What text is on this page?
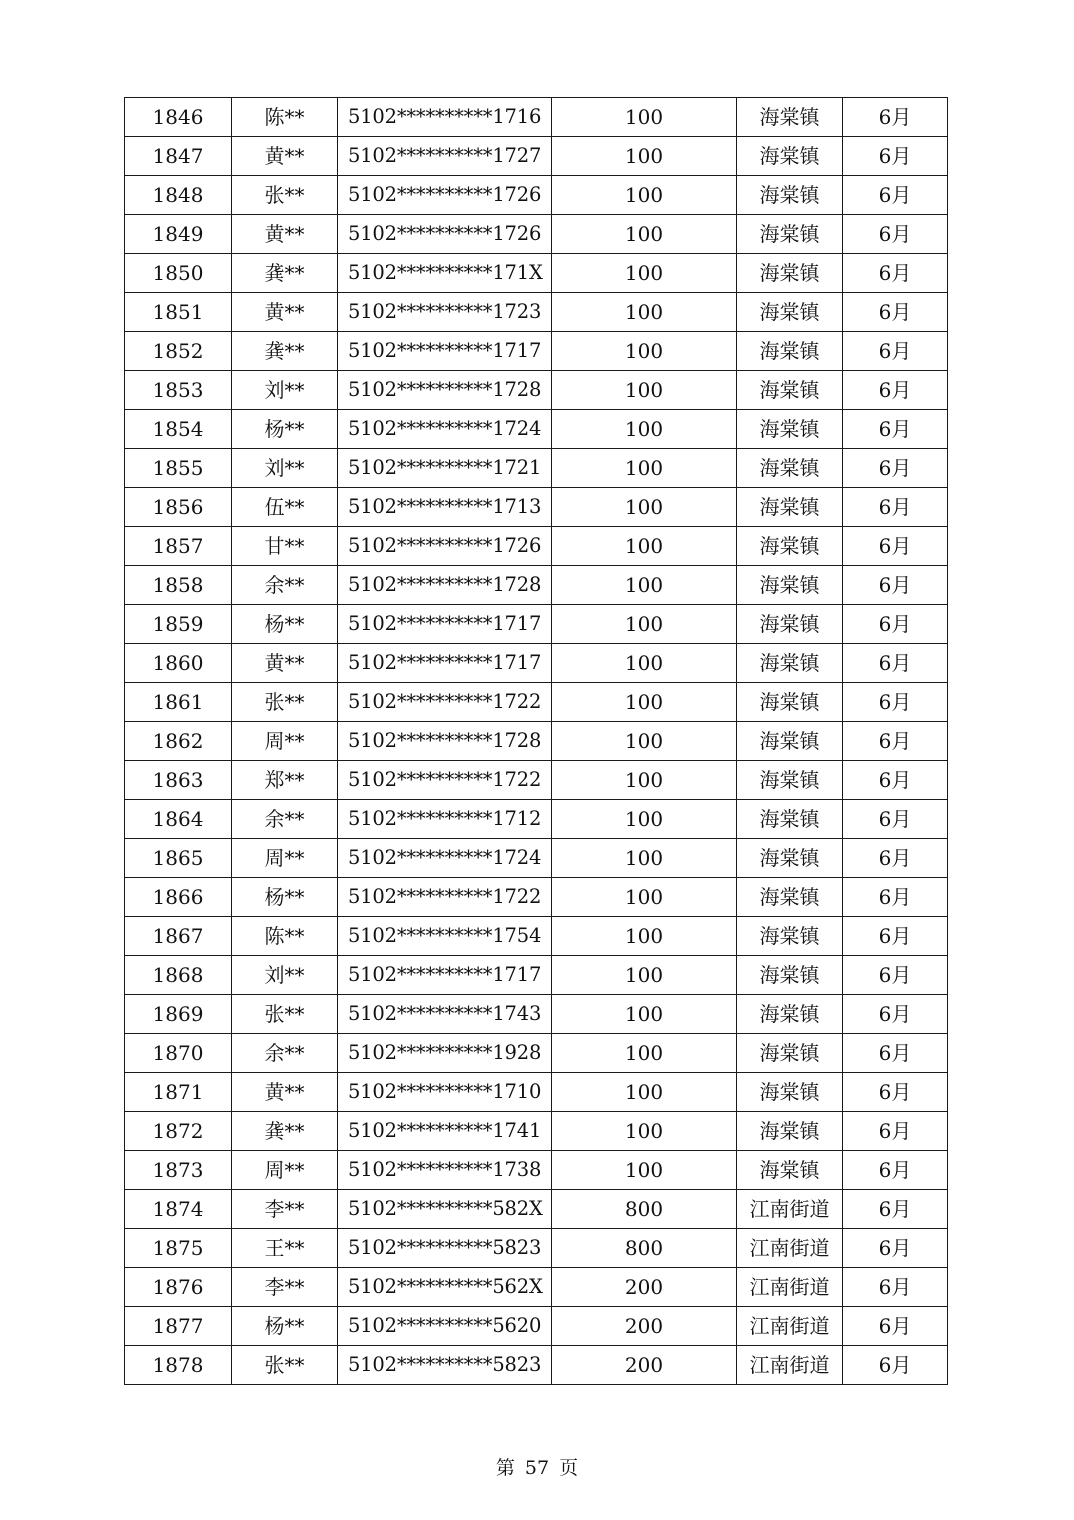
1846	陈**	5102**********1716	100	海棠镇	6月
1847	黄**	5102**********1727	100	海棠镇	6月
1848	张**	5102**********1726	100	海棠镇	6月
1849	黄**	5102**********1726	100	海棠镇	6月
1850	龚**	5102**********171X	100	海棠镇	6月
1851	黄**	5102**********1723	100	海棠镇	6月
1852	龚**	5102**********1717	100	海棠镇	6月
1853	刘**	5102**********1728	100	海棠镇	6月
1854	杨**	5102**********1724	100	海棠镇	6月
1855	刘**	5102**********1721	100	海棠镇	6月
1856	伍**	5102**********1713	100	海棠镇	6月
1857	甘**	5102**********1726	100	海棠镇	6月
1858	余**	5102**********1728	100	海棠镇	6月
1859	杨**	5102**********1717	100	海棠镇	6月
1860	黄**	5102**********1717	100	海棠镇	6月
1861	张**	5102**********1722	100	海棠镇	6月
1862	周**	5102**********1728	100	海棠镇	6月
1863	郑**	5102**********1722	100	海棠镇	6月
1864	余**	5102**********1712	100	海棠镇	6月
1865	周**	5102**********1724	100	海棠镇	6月
1866	杨**	5102**********1722	100	海棠镇	6月
1867	陈**	5102**********1754	100	海棠镇	6月
1868	刘**	5102**********1717	100	海棠镇	6月
1869	张**	5102**********1743	100	海棠镇	6月
1870	余**	5102**********1928	100	海棠镇	6月
1871	黄**	5102**********1710	100	海棠镇	6月
1872	龚**	5102**********1741	100	海棠镇	6月
1873	周**	5102**********1738	100	海棠镇	6月
1874	李**	5102**********582X	800	江南街道	6月
1875	王**	5102**********5823	800	江南街道	6月
1876	李**	5102**********562X	200	江南街道	6月
1877	杨**	5102**********5620	200	江南街道	6月
1878	张**	5102**********5823	200	江南街道	6月
第 57 页
